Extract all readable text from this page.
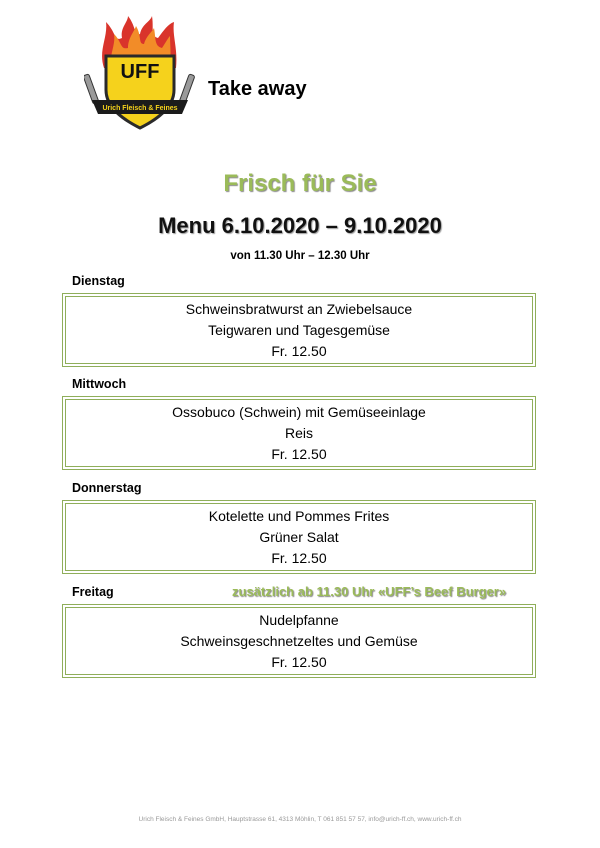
UFF
Urich Fleisch & Feines
Take away
Frisch für Sie
Menu 6.10.2020 – 9.10.2020
von 11.30 Uhr – 12.30 Uhr
Dienstag
Schweinsbratwurst an Zwiebelsauce
Teigwaren und Tagesgemüse
Fr. 12.50
Mittwoch
Ossobuco (Schwein) mit Gemüseeinlage
Reis
Fr. 12.50
Donnerstag
Kotelette und Pommes Frites
Grüner Salat
Fr. 12.50
Freitag	zusätzlich ab 11.30 Uhr «UFF’s Beef Burger»
Nudelpfanne
Schweinsgeschnetzeltes und Gemüse
Fr. 12.50
Urich Fleisch & Feines GmbH, Hauptstrasse 61, 4313 Möhlin, T 061 851 57 57, info@urich-ff.ch, www.urich-ff.ch
